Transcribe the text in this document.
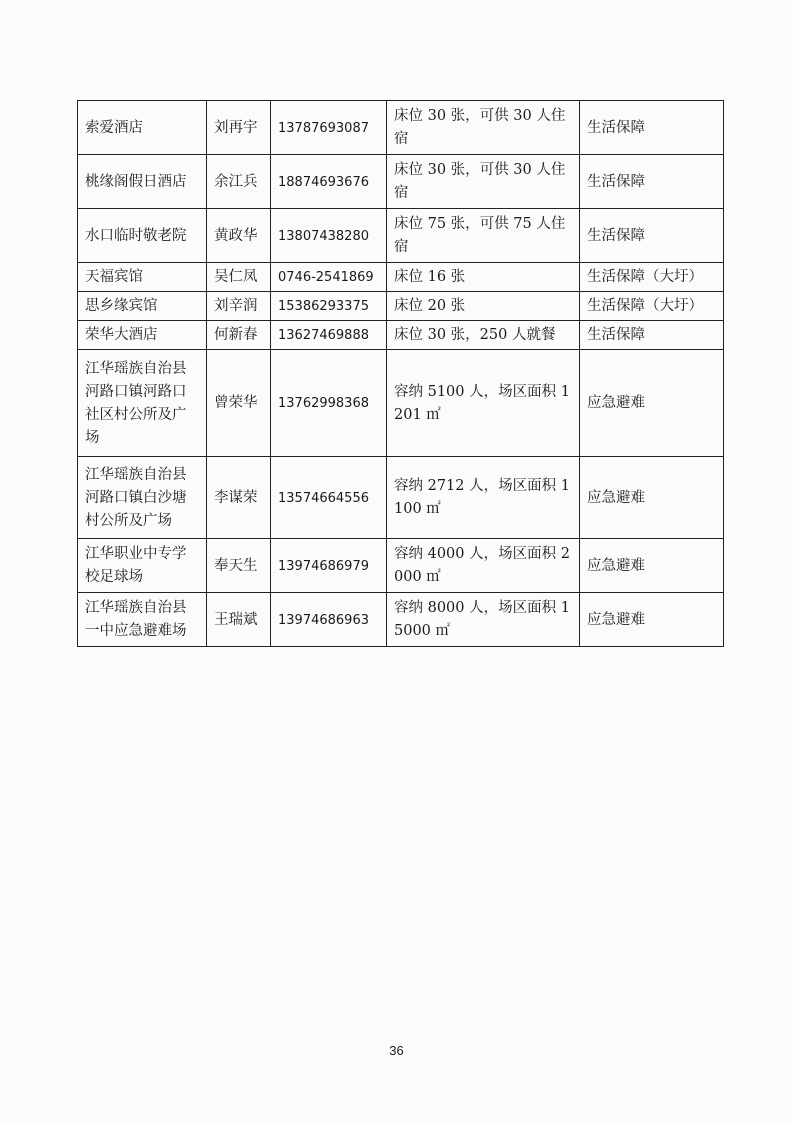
索爱酒店	刘再宇	13787693087	床位 30 张，可供 30 人住宿	生活保障
桃缘阁假日酒店	余江兵	18874693676	床位 30 张，可供 30 人住宿	生活保障
水口临时敬老院	黄政华	13807438280	床位 75 张，可供 75 人住宿	生活保障
天福宾馆	吴仁凤	0746-2541869	床位 16 张	生活保障（大圩）
思乡缘宾馆	刘辛润	15386293375	床位 20 张	生活保障（大圩）
荣华大酒店	何新春	13627469888	床位 30 张，250 人就餐	生活保障
江华瑶族自治县河路口镇河路口社区村公所及广场	曾荣华	13762998368	容纳 5100 人，场区面积 1201 ㎡	应急避难
江华瑶族自治县河路口镇白沙塘村公所及广场	李谋荣	13574664556	容纳 2712 人，场区面积 1100 ㎡	应急避难
江华职业中专学校足球场	奉天生	13974686979	容纳 4000 人，场区面积 2000 ㎡	应急避难
江华瑶族自治县一中应急避难场	王瑞斌	13974686963	容纳 8000 人，场区面积 15000 ㎡	应急避难
36
